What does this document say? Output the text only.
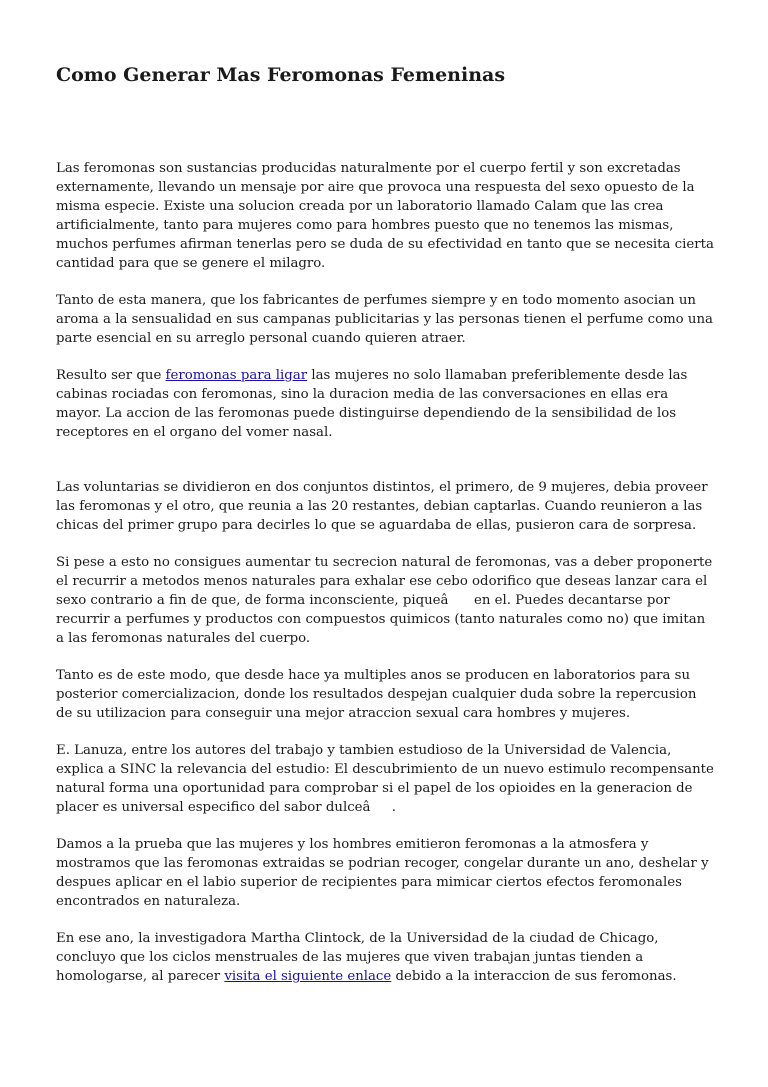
Como Generar Mas Feromonas Femeninas

Las feromonas son sustancias producidas naturalmente por el cuerpo fertil y son excretadas externamente, llevando un mensaje por aire que provoca una respuesta del sexo opuesto de la misma especie. Existe una solucion creada por un laboratorio llamado Calam que las crea artificialmente, tanto para mujeres como para hombres puesto que no tenemos las mismas, muchos perfumes afirman tenerlas pero se duda de su efectividad en tanto que se necesita cierta cantidad para que se genere el milagro.

Tanto de esta manera, que los fabricantes de perfumes siempre y en todo momento asocian un aroma a la sensualidad en sus campanas publicitarias y las personas tienen el perfume como una parte esencial en su arreglo personal cuando quieren atraer.

Resulto ser que feromonas para ligar las mujeres no solo llamaban preferiblemente desde las cabinas rociadas con feromonas, sino la duracion media de las conversaciones en ellas era mayor. La accion de las feromonas puede distinguirse dependiendo de la sensibilidad de los receptores en el organo del vomer nasal.

Las voluntarias se dividieron en dos conjuntos distintos, el primero, de 9 mujeres, debia proveer las feromonas y el otro, que reunia a las 20 restantes, debian captarlas. Cuando reunieron a las chicas del primer grupo para decirles lo que se aguardaba de ellas, pusieron cara de sorpresa.

Si pese a esto no consigues aumentar tu secrecion natural de feromonas, vas a deber proponerte el recurrir a metodos menos naturales para exhalar ese cebo odorifico que deseas lanzar cara el sexo contrario a fin de que, de forma inconsciente, piqueâ en el. Puedes decantarse por recurrir a perfumes y productos con compuestos quimicos (tanto naturales como no) que imitan a las feromonas naturales del cuerpo.

Tanto es de este modo, que desde hace ya multiples anos se producen en laboratorios para su posterior comercializacion, donde los resultados despejan cualquier duda sobre la repercusion de su utilizacion para conseguir una mejor atraccion sexual cara hombres y mujeres.

E. Lanuza, entre los autores del trabajo y tambien estudioso de la Universidad de Valencia, explica a SINC la relevancia del estudio: El descubrimiento de un nuevo estimulo recompensante natural forma una oportunidad para comprobar si el papel de los opioides en la generacion de placer es universal especifico del sabor dulceâ.

Damos a la prueba que las mujeres y los hombres emitieron feromonas a la atmosfera y mostramos que las feromonas extraidas se podrian recoger, congelar durante un ano, deshelar y despues aplicar en el labio superior de recipientes para mimicar ciertos efectos feromonales encontrados en naturaleza.

En ese ano, la investigadora Martha Clintock, de la Universidad de la ciudad de Chicago, concluyo que los ciclos menstruales de las mujeres que viven trabajan juntas tienden a homologarse, al parecer visita el siguiente enlace debido a la interaccion de sus feromonas.
